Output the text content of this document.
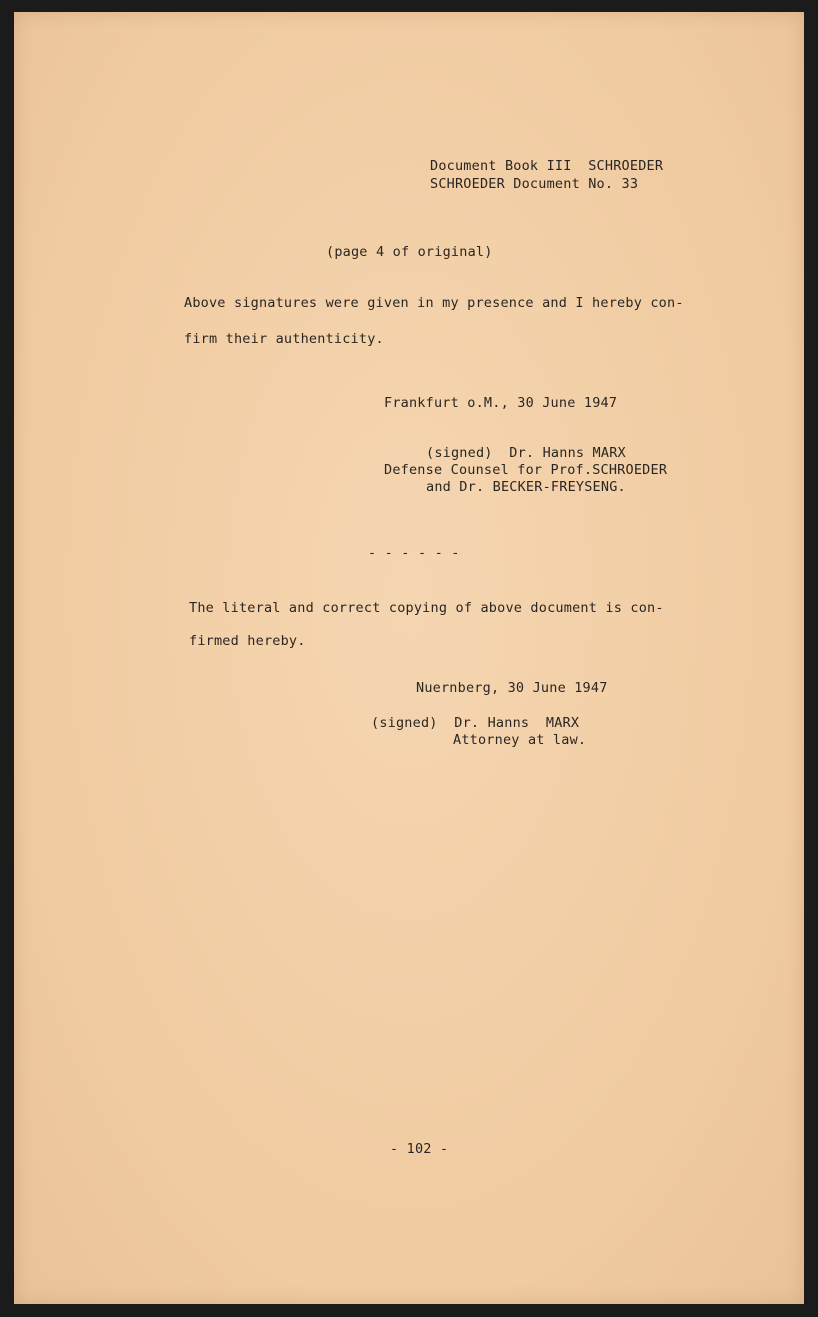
Document Book III  SCHROEDER
SCHROEDER Document No. 33
(page 4 of original)
Above signatures were given in my presence and I hereby con-
firm their authenticity.
Frankfurt o.M., 30 June 1947
(signed)  Dr. Hanns MARX
Defense Counsel for Prof.SCHROEDER
and Dr. BECKER-FREYSENG.
- - - - - -
The literal and correct copying of above document is con-
firmed hereby.
Nuernberg, 30 June 1947
(signed)  Dr. Hanns  MARX
Attorney at law.
- 102 -
